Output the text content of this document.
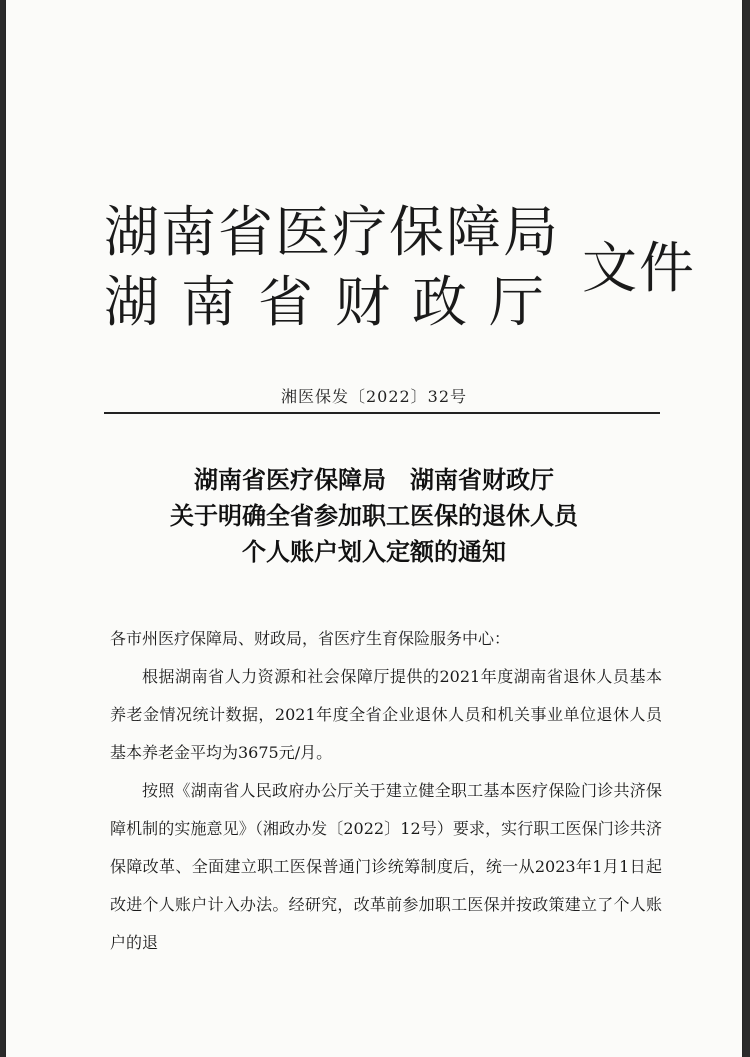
湖南省医疗保障局
湖南省财政厅
文件
湘医保发〔2022〕32号
湖南省医疗保障局　湖南省财政厅
关于明确全省参加职工医保的退休人员
个人账户划入定额的通知

各市州医疗保障局、财政局，省医疗生育保险服务中心：

根据湖南省人力资源和社会保障厅提供的2021年度湖南省退休人员基本养老金情况统计数据，2021年度全省企业退休人员和机关事业单位退休人员基本养老金平均为3675元/月。

按照《湖南省人民政府办公厅关于建立健全职工基本医疗保险门诊共济保障机制的实施意见》（湘政办发〔2022〕12号）要求，实行职工医保门诊共济保障改革、全面建立职工医保普通门诊统筹制度后，统一从2023年1月1日起改进个人账户计入办法。经研究，改革前参加职工医保并按政策建立了个人账户的退
